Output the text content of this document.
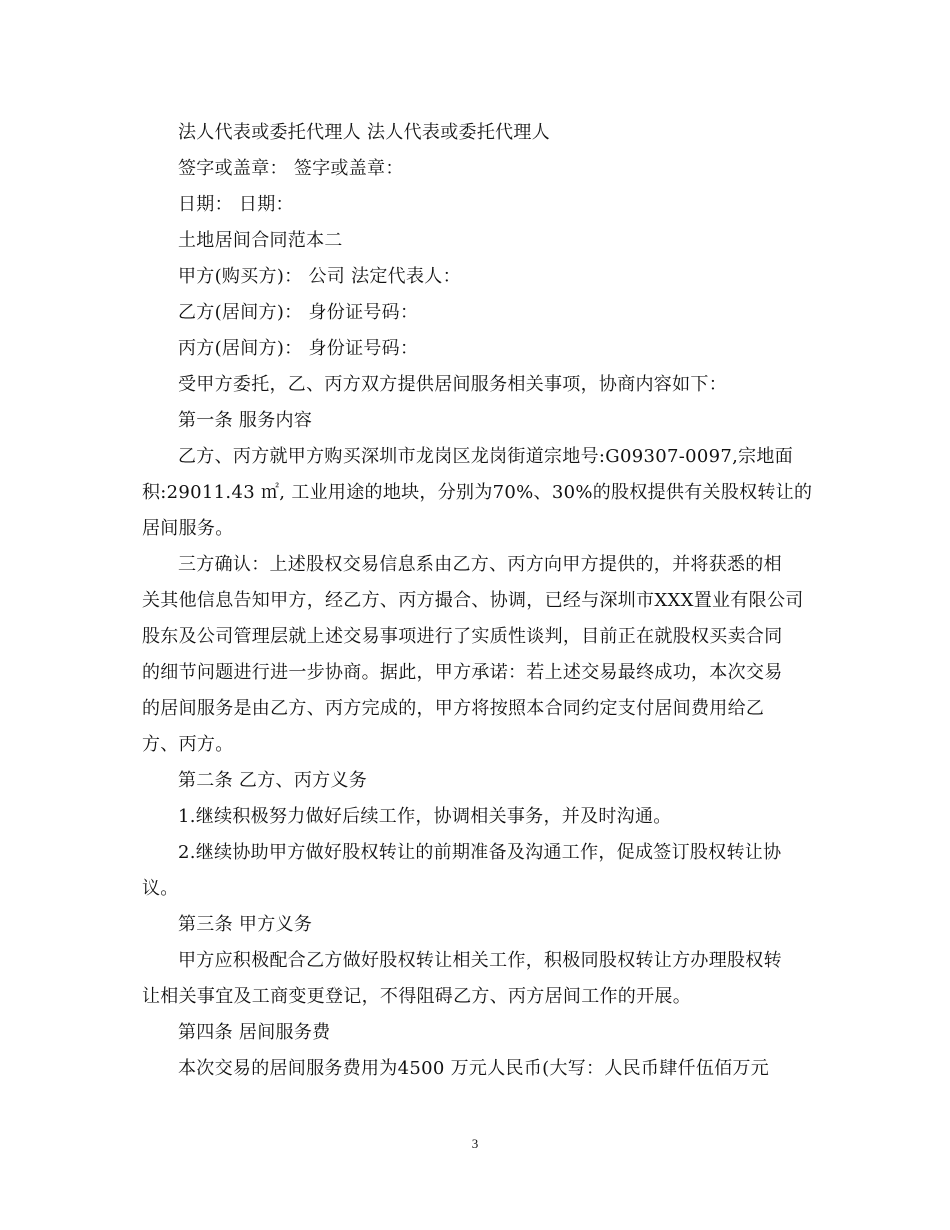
法人代表或委托代理人 法人代表或委托代理人
签字或盖章： 签字或盖章：
日期： 日期：
土地居间合同范本二
甲方(购买方)： 公司 法定代表人：
乙方(居间方)： 身份证号码：
丙方(居间方)： 身份证号码：
受甲方委托，乙、丙方双方提供居间服务相关事项，协商内容如下：
第一条 服务内容
乙方、丙方就甲方购买深圳市龙岗区龙岗街道宗地号:G09307-0097,宗地面
积:29011.43 ㎡, 工业用途的地块，分别为70%、30%的股权提供有关股权转让的
居间服务。
三方确认：上述股权交易信息系由乙方、丙方向甲方提供的，并将获悉的相
关其他信息告知甲方，经乙方、丙方撮合、协调，已经与深圳市XXX置业有限公司
股东及公司管理层就上述交易事项进行了实质性谈判，目前正在就股权买卖合同
的细节问题进行进一步协商。据此，甲方承诺：若上述交易最终成功，本次交易
的居间服务是由乙方、丙方完成的，甲方将按照本合同约定支付居间费用给乙
方、丙方。
第二条 乙方、丙方义务
1.继续积极努力做好后续工作，协调相关事务，并及时沟通。
2.继续协助甲方做好股权转让的前期准备及沟通工作，促成签订股权转让协
议。
第三条 甲方义务
甲方应积极配合乙方做好股权转让相关工作，积极同股权转让方办理股权转
让相关事宜及工商变更登记，不得阻碍乙方、丙方居间工作的开展。
第四条 居间服务费
本次交易的居间服务费用为4500 万元人民币(大写：人民币肆仟伍佰万元
3
